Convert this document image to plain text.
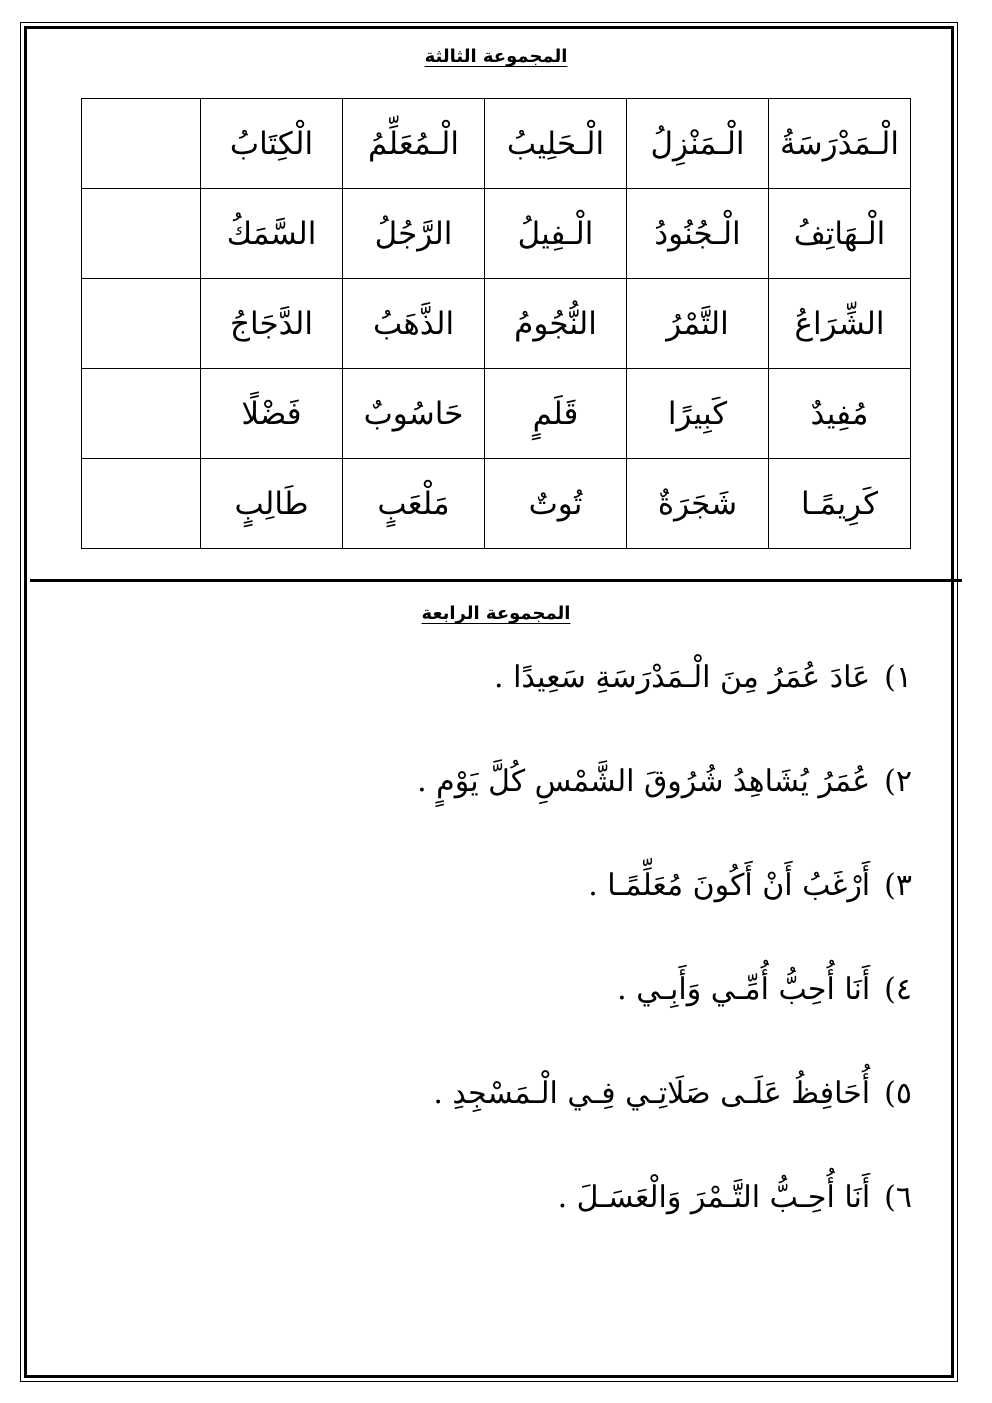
المجموعة الثالثة
الْـمَدْرَسَةُ	الْـمَنْزِلُ	الْـحَلِيبُ	الْـمُعَلِّمُ	الْكِتَابُ	
الْـهَاتِفُ	الْـجُنُودُ	الْـفِيلُ	الرَّجُلُ	السَّمَكُ	
الشِّرَاعُ	التَّمْرُ	النُّجُومُ	الذَّهَبُ	الدَّجَاجُ	
مُفِيدٌ	كَبِيرًا	قَلَمٍ	حَاسُوبٌ	فَضْلًا	
كَرِيمًـا	شَجَرَةٌ	تُوتٌ	مَلْعَبٍ	طَالِبٍ	
المجموعة الرابعة
١)عَادَ عُمَرُ مِنَ الْـمَدْرَسَةِ سَعِيدًا .
٢)عُمَرُ يُشَاهِدُ شُرُوقَ الشَّمْسِ كُلَّ يَوْمٍ .
٣)أَرْغَبُ أَنْ أَكُونَ مُعَلِّمًـا .
٤)أَنَا أُحِبُّ أُمِّـي وَأَبِـي .
٥)أُحَافِظُ عَلَـى صَلَاتِـي فِـي الْـمَسْجِدِ .
٦)أَنَا أُحِـبُّ التَّـمْرَ وَالْعَسَـلَ .
